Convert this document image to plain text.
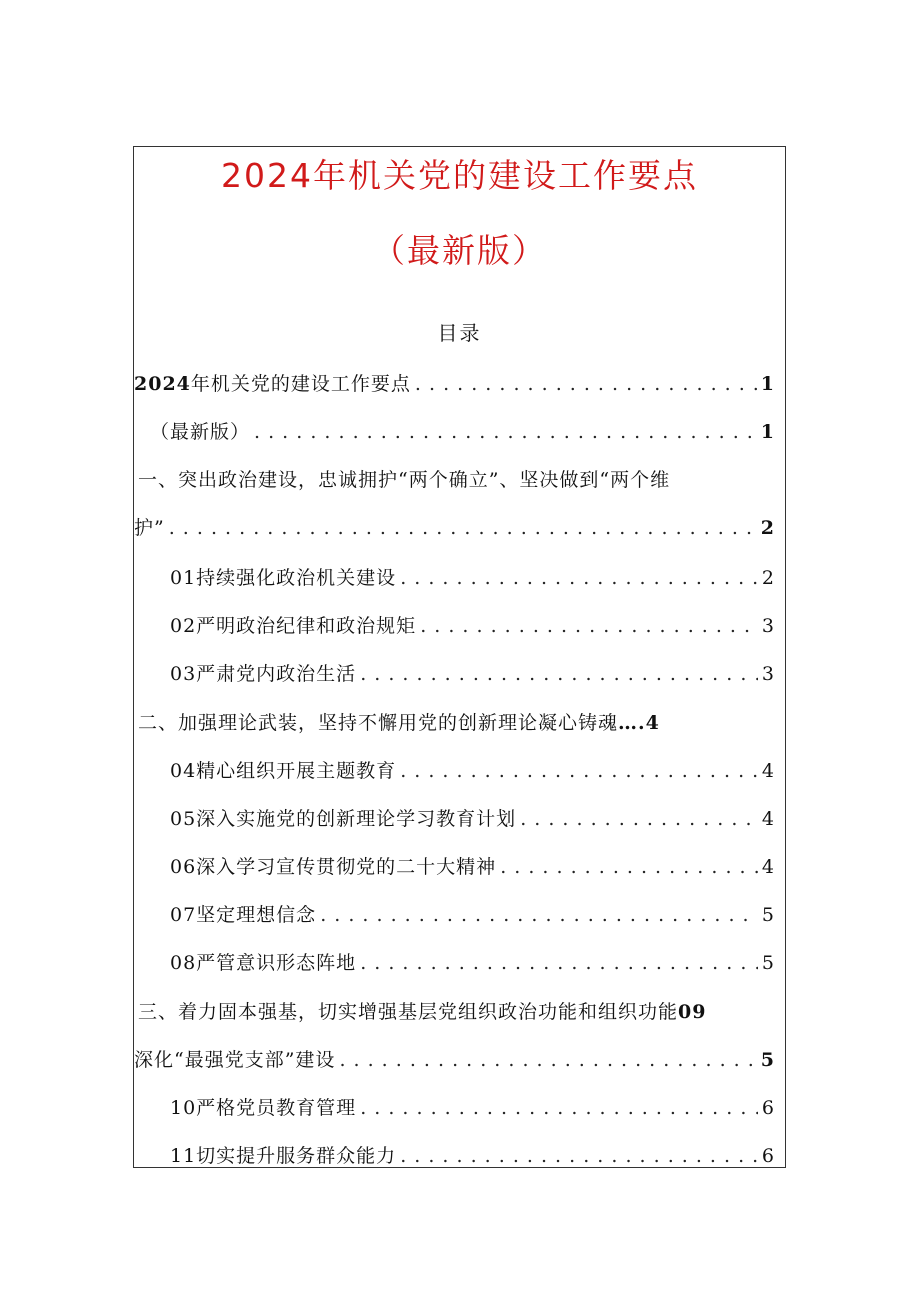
2024年机关党的建设工作要点
（最新版）
目录
2024 年机关党的建设工作要点 . . .	1
（最新版） . . .	1
一、突出政治建设，忠诚拥护“两个确立”、坚决做到“两个维
护” . . .	2
01持续强化政治机关建设 . . .	2
02严明政治纪律和政治规矩 . . .	3
03严肃党内政治生活 . . .	3
二、加强理论武装，坚持不懈用党的创新理论凝心铸魂….4
04精心组织开展主题教育 . . .	4
05深入实施党的创新理论学习教育计划 . . .	4
06深入学习宣传贯彻党的二十大精神 . . .	4
07坚定理想信念 . . .	5
08严管意识形态阵地 . . .	5
三、着力固本强基，切实增强基层党组织政治功能和组织功能09
深化“最强党支部”建设 . . .	5
10严格党员教育管理 . . .	6
11切实提升服务群众能力 . . .	6
